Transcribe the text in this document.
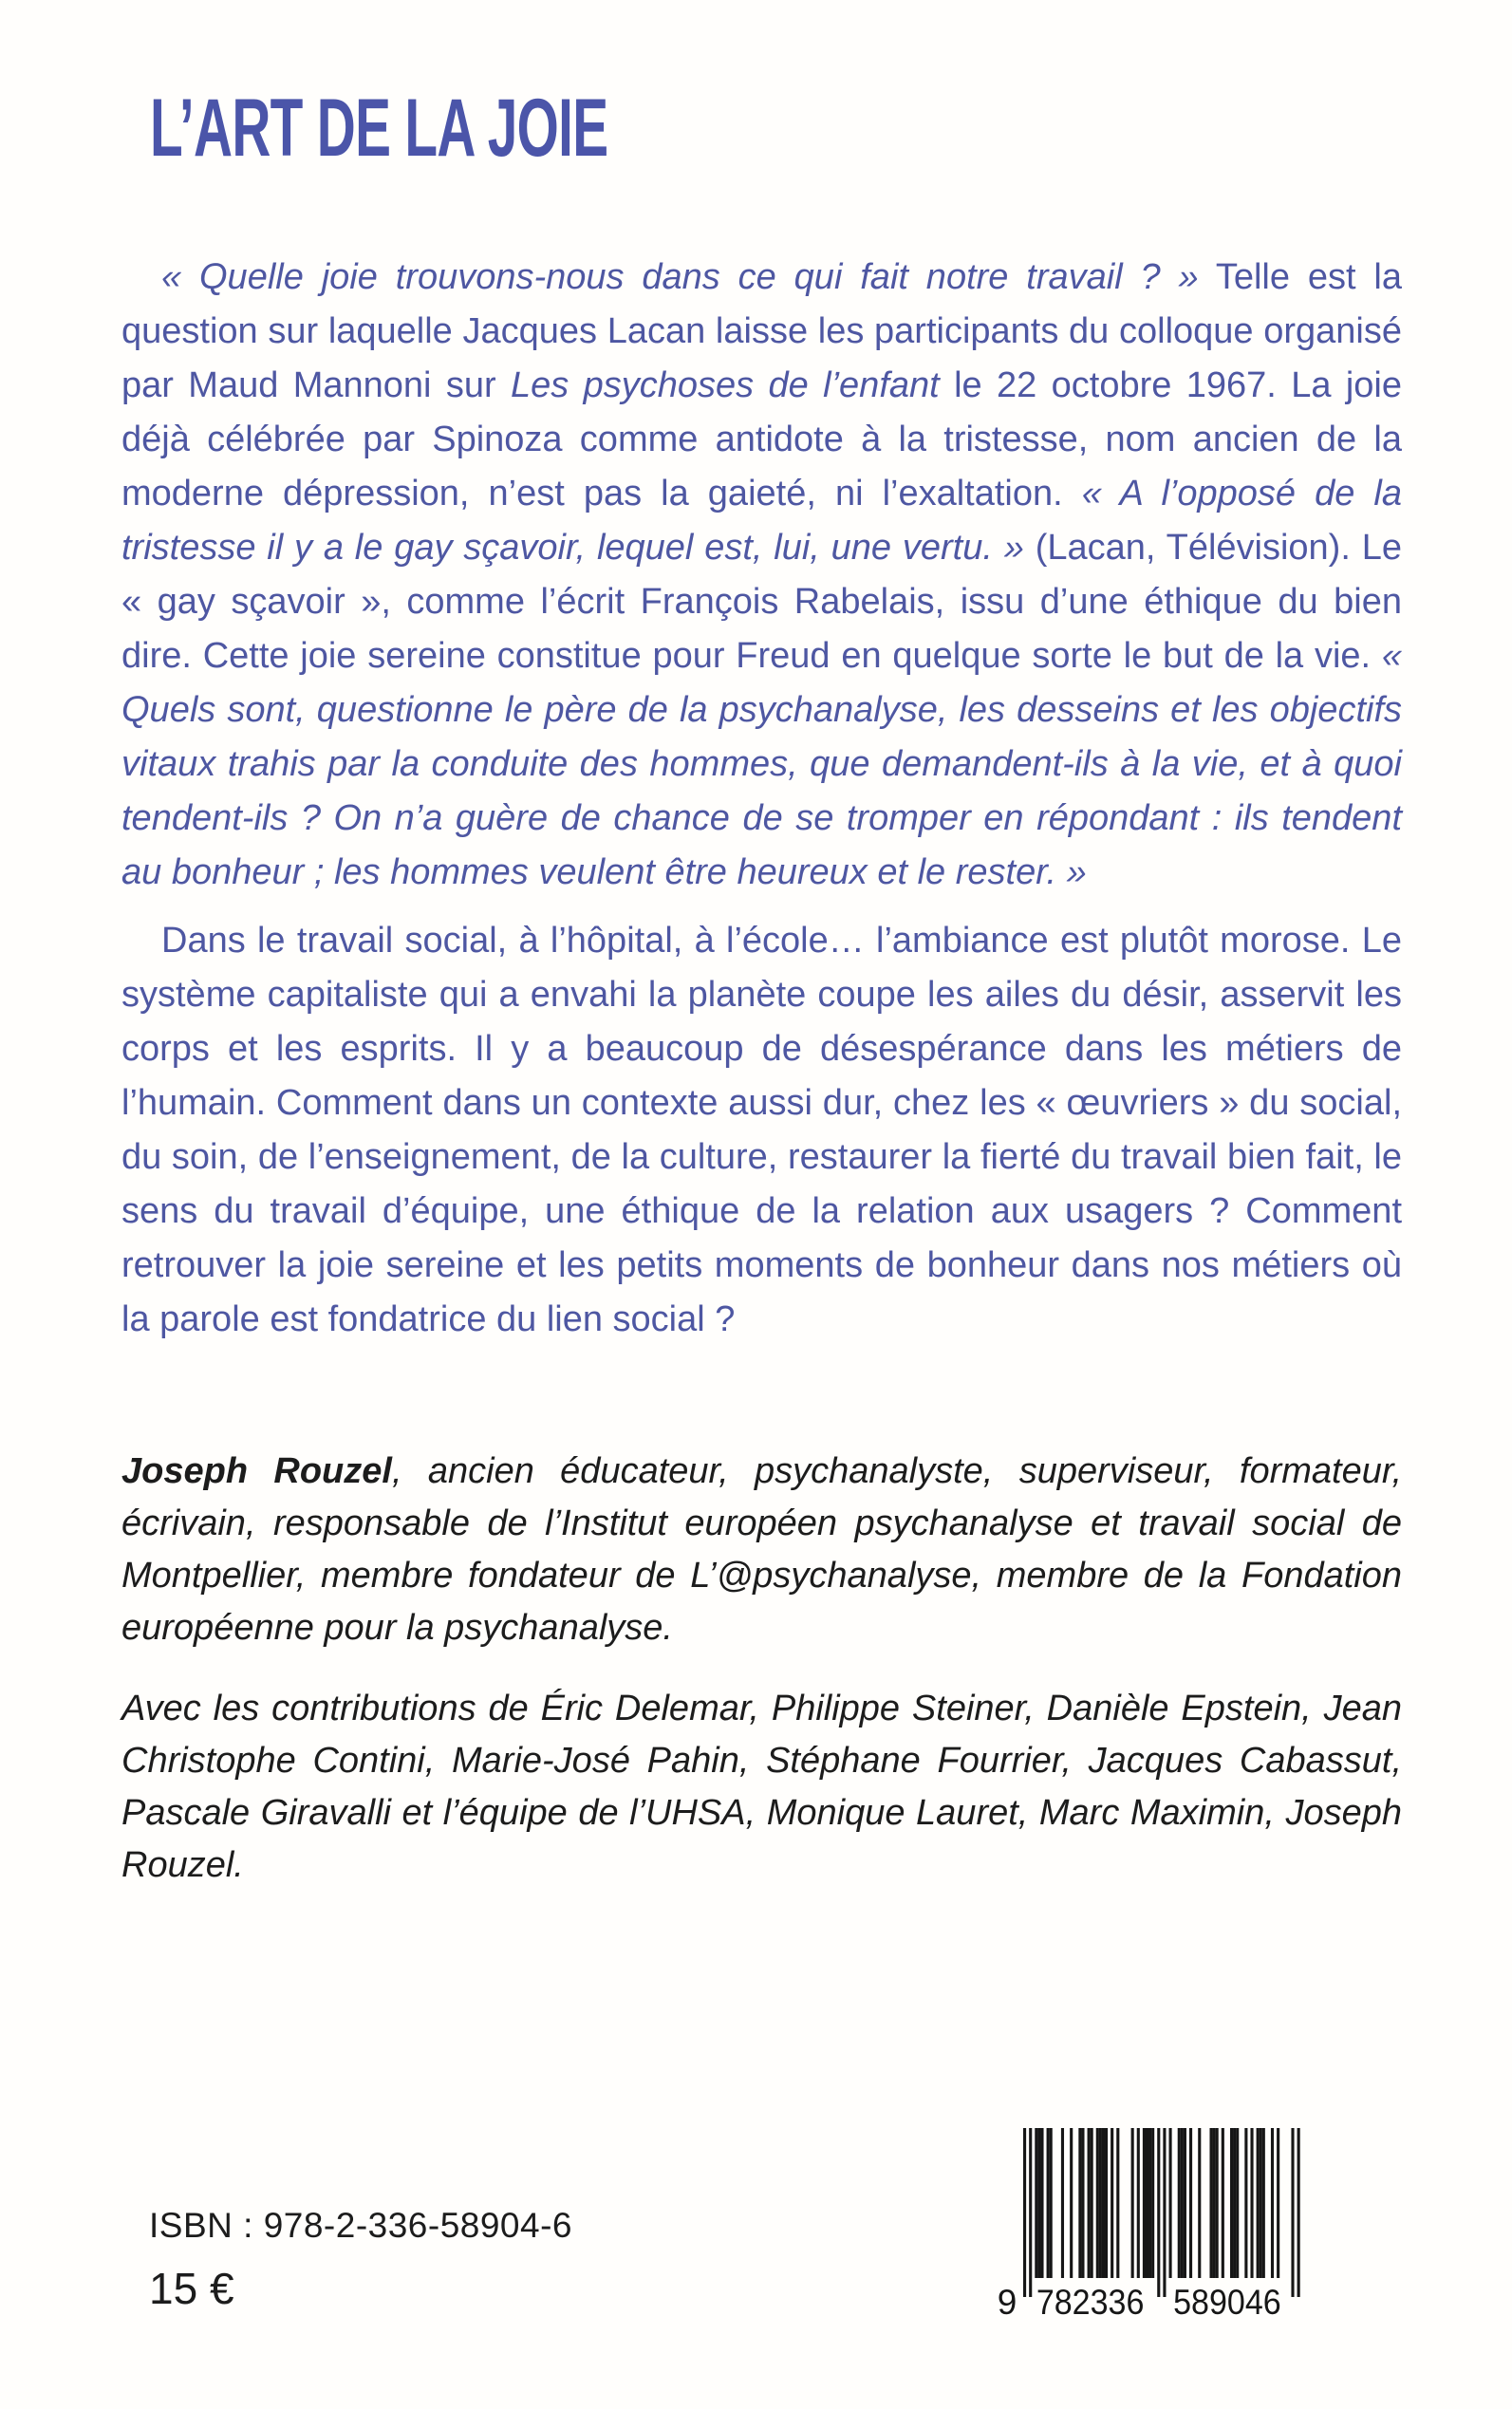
L’ART DE LA JOIE

« Quelle joie trouvons-nous dans ce qui fait notre travail ? » Telle est la question sur laquelle Jacques Lacan laisse les participants du colloque organisé par Maud Mannoni sur Les psychoses de l’enfant le 22 octobre 1967. La joie déjà célébrée par Spinoza comme antidote à la tristesse, nom ancien de la moderne dépression, n’est pas la gaieté, ni l’exaltation. « A l’opposé de la tristesse il y a le gay sçavoir, lequel est, lui, une vertu. » (Lacan, Télévision). Le « gay sçavoir », comme l’écrit François Rabelais, issu d’une éthique du bien dire. Cette joie sereine constitue pour Freud en quelque sorte le but de la vie. « Quels sont, questionne le père de la psychanalyse, les desseins et les objectifs vitaux trahis par la conduite des hommes, que demandent-ils à la vie, et à quoi tendent-ils ? On n’a guère de chance de se tromper en répondant : ils tendent au bonheur ; les hommes veulent être heureux et le rester. »

Dans le travail social, à l’hôpital, à l’école… l’ambiance est plutôt morose. Le système capitaliste qui a envahi la planète coupe les ailes du désir, asservit les corps et les esprits. Il y a beaucoup de désespérance dans les métiers de l’humain. Comment dans un contexte aussi dur, chez les « œuvriers » du social, du soin, de l’enseignement, de la culture, restaurer la fierté du travail bien fait, le sens du travail d’équipe, une éthique de la relation aux usagers ? Comment retrouver la joie sereine et les petits moments de bonheur dans nos métiers où la parole est fondatrice du lien social ?

Joseph Rouzel, ancien éducateur, psychanalyste, superviseur, formateur, écrivain, responsable de l’Institut européen psychanalyse et travail social de Montpellier, membre fondateur de L’@psychanalyse, membre de la Fondation européenne pour la psychanalyse.

Avec les contributions de Éric Delemar, Philippe Steiner, Danièle Epstein, Jean Christophe Contini, Marie-José Pahin, Stéphane Fourrier, Jacques Cabassut, Pascale Giravalli et l’équipe de l’UHSA, Monique Lauret, Marc Maximin, Joseph Rouzel.

ISBN : 978-2-336-58904-6
15 €	9 782336 589046
